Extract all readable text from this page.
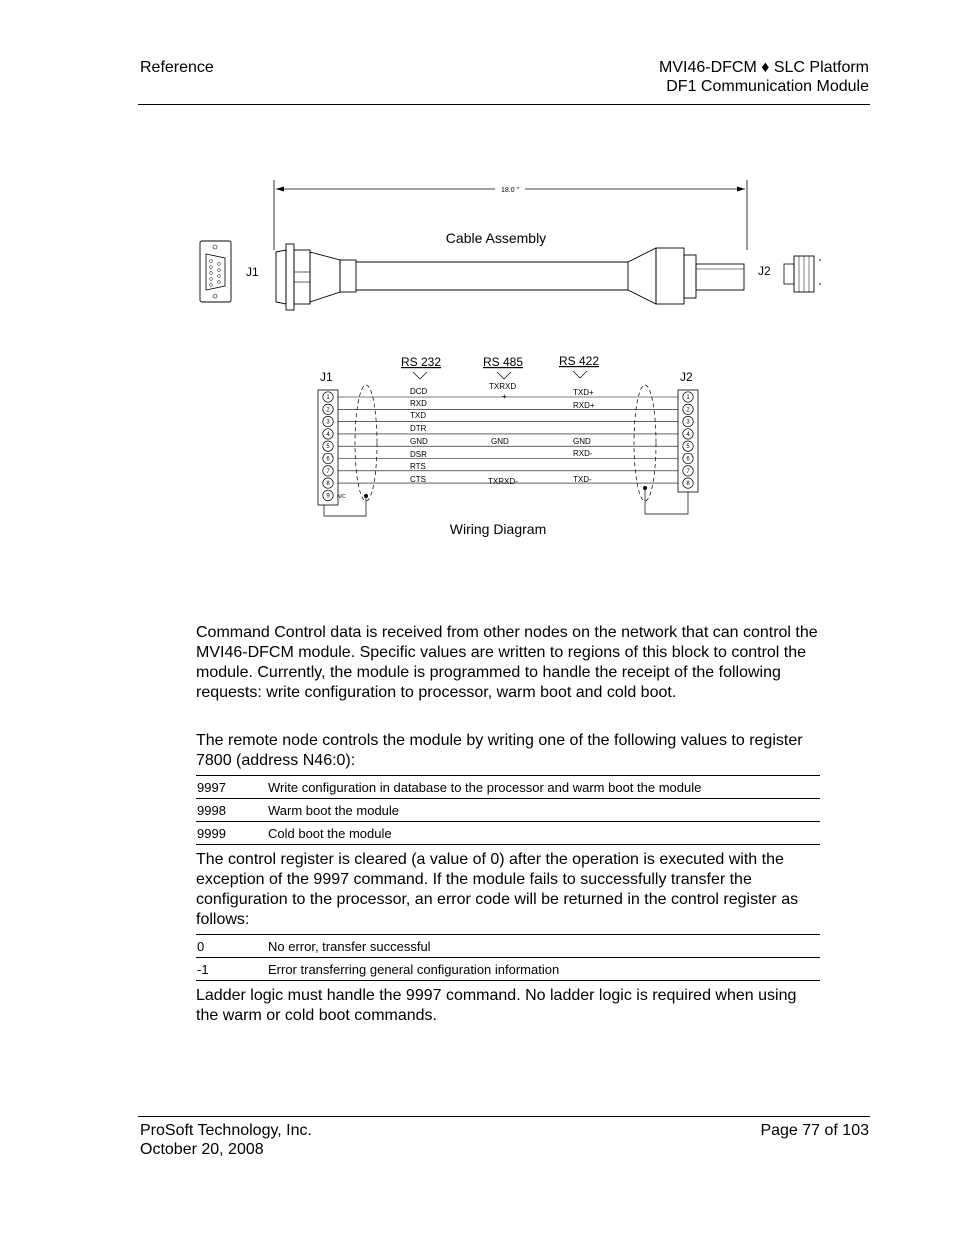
Reference	MVI46-DFCM ♦ SLC Platform
DF1 Communication Module
18.0 "
Cable Assembly
J1	J2
J1	J2
RS 232	RS 485	RS 422
1
2
3
4
5
6
7
8
9 N/C
1
2
3
4
5
6
7
8
DCD
RXD
TXD
DTR
GND
DSR
RTS
CTS
TXRXD
+
GND
TXRXD-
TXD+
RXD+
GND
RXD-
TXD-
Wiring Diagram
Command Control data is received from other nodes on the network that can control the MVI46-DFCM module. Specific values are written to regions of this block to control the module. Currently, the module is programmed to handle the receipt of the following requests: write configuration to processor, warm boot and cold boot.
The remote node controls the module by writing one of the following values to register 7800 (address N46:0):
9997	Write configuration in database to the processor and warm boot the module
9998	Warm boot the module
9999	Cold boot the module
The control register is cleared (a value of 0) after the operation is executed with the exception of the 9997 command. If the module fails to successfully transfer the configuration to the processor, an error code will be returned in the control register as follows:
0	No error, transfer successful
-1	Error transferring general configuration information
Ladder logic must handle the 9997 command. No ladder logic is required when using the warm or cold boot commands.
ProSoft Technology, Inc.
October 20, 2008
Page 77 of 103
